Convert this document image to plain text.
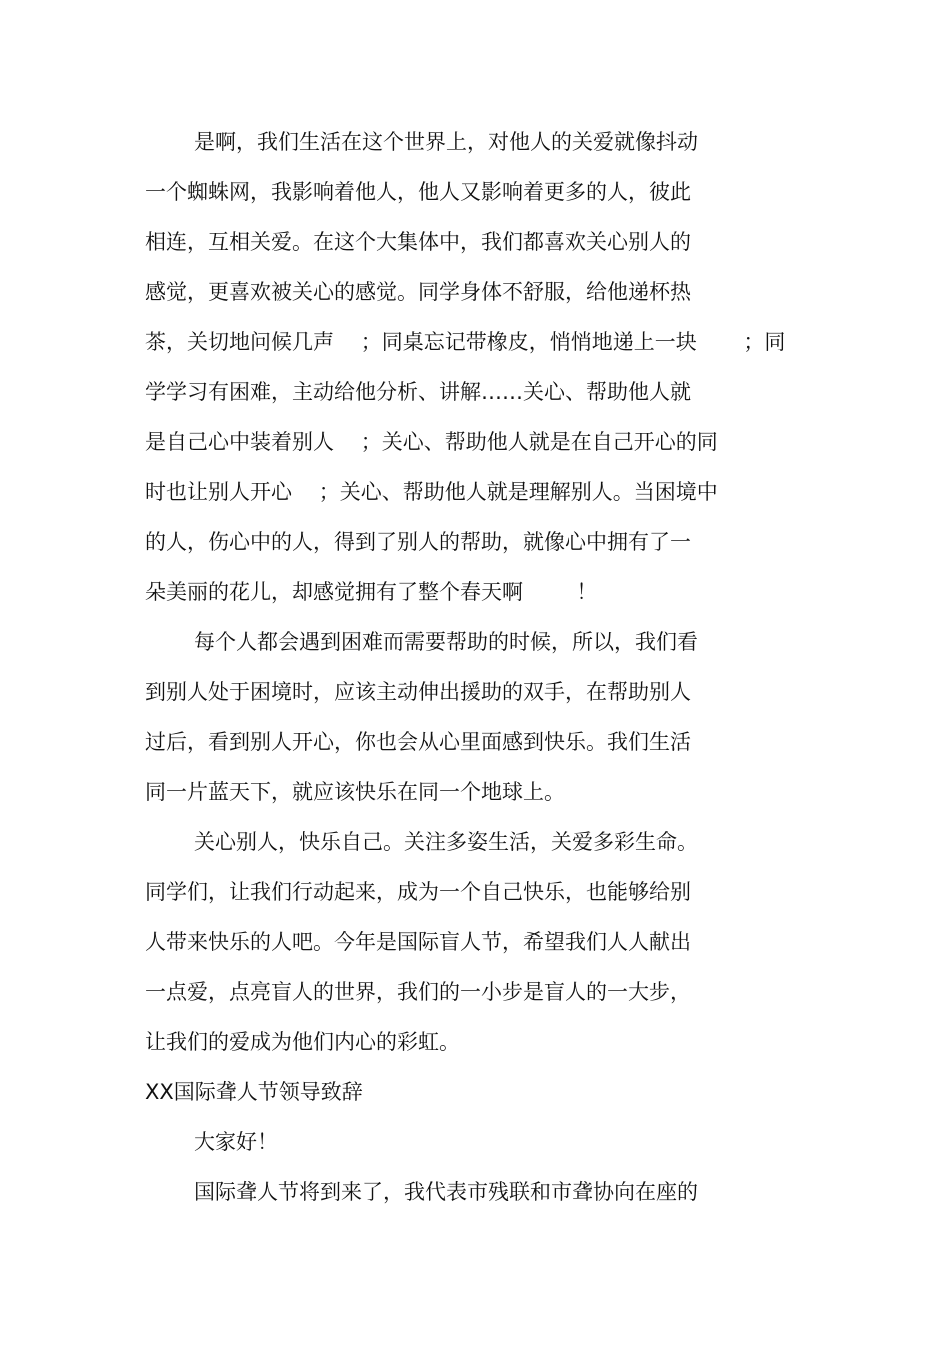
是啊，我们生活在这个世界上，对他人的关爱就像抖动
一个蜘蛛网，我影响着他人，他人又影响着更多的人，彼此
相连，互相关爱。在这个大集体中，我们都喜欢关心别人的
感觉，更喜欢被关心的感觉。同学身体不舒服，给他递杯热
茶，关切地问候几声    ；同桌忘记带橡皮，悄悄地递上一块       ；同
学学习有困难，主动给他分析、讲解……关心、帮助他人就
是自己心中装着别人    ；关心、帮助他人就是在自己开心的同
时也让别人开心    ；关心、帮助他人就是理解别人。当困境中
的人，伤心中的人，得到了别人的帮助，就像心中拥有了一
朵美丽的花儿，却感觉拥有了整个春天啊        ！
每个人都会遇到困难而需要帮助的时候，所以，我们看
到别人处于困境时，应该主动伸出援助的双手，在帮助别人
过后，看到别人开心，你也会从心里面感到快乐。我们生活
同一片蓝天下，就应该快乐在同一个地球上。
关心别人，快乐自己。关注多姿生活，关爱多彩生命。
同学们，让我们行动起来，成为一个自己快乐，也能够给别
人带来快乐的人吧。今年是国际盲人节，希望我们人人献出
一点爱，点亮盲人的世界，我们的一小步是盲人的一大步，
让我们的爱成为他们内心的彩虹。
XX国际聋人节领导致辞
大家好！
国际聋人节将到来了，我代表市残联和市聋协向在座的
